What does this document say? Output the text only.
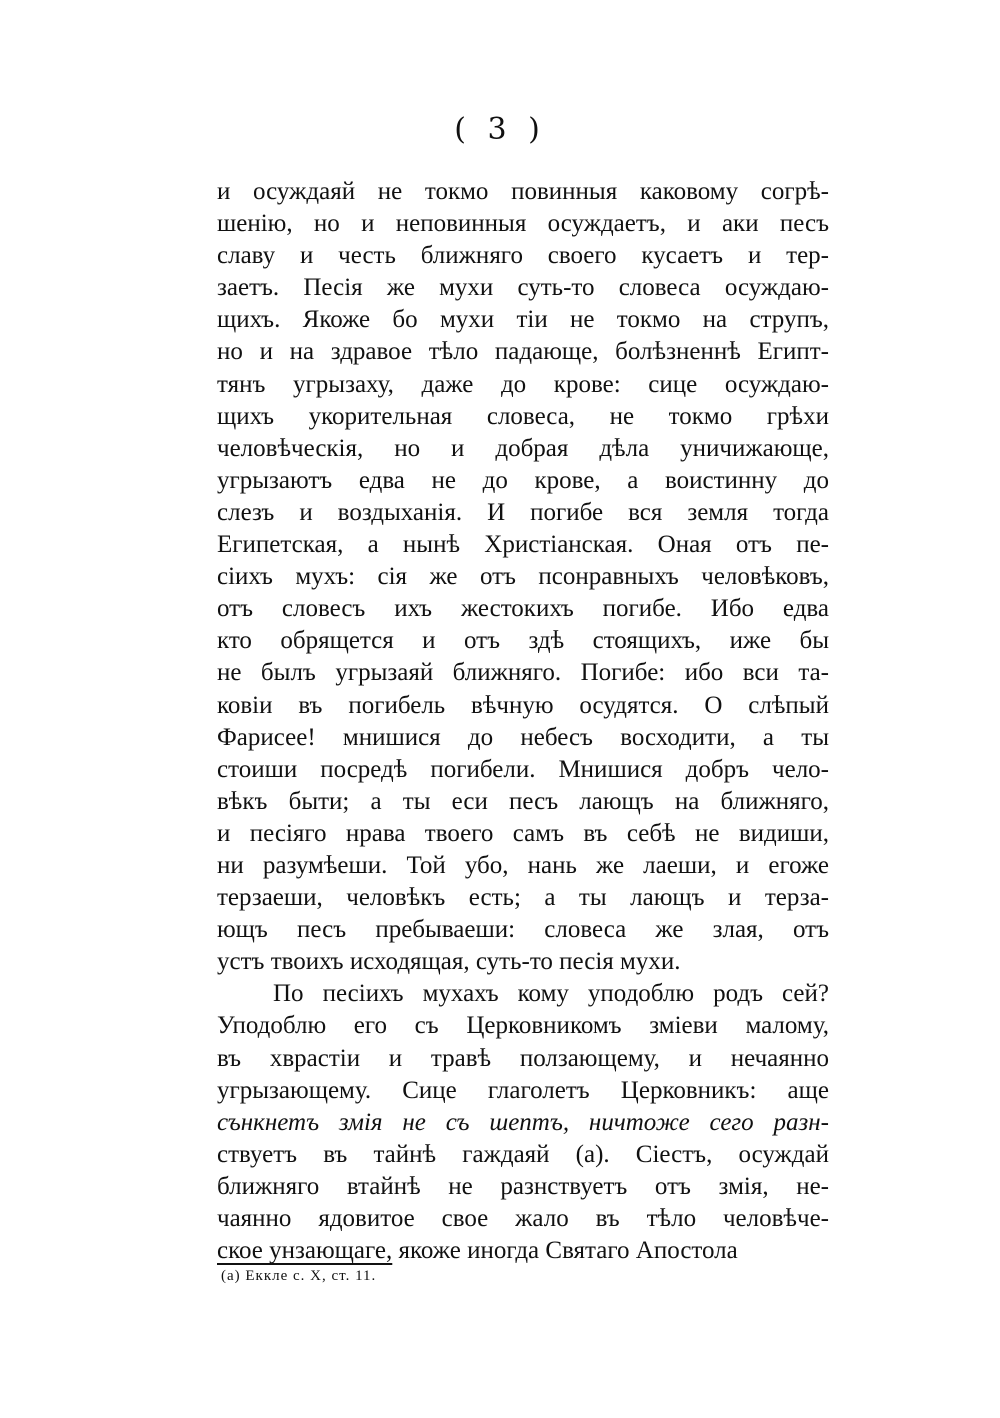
( 3 )
и осуждаяй не токмо повинныя каковому согрѣ-
шенію, но и неповинныя осуждаетъ, и аки песъ
славу и честь ближняго своего кусаетъ и тер-
заетъ. Песія же мухи суть-то словеса осуждаю-
щихъ. Якоже бо мухи тіи не токмо на струпъ,
но и на здравое тѣло падающе, болѣзненнѣ Египт-
тянъ угрызаху, даже до крове: сице осуждаю-
щихъ укорительная словеса, не токмо грѣхи
человѣческія, но и добрая дѣла уничижающе,
угрызаютъ едва не до крове, а воистинну до
слезъ и воздыханія. И погибе вся земля тогда
Египетская, а нынѣ Христіанская. Оная отъ пе-
сіихъ мухъ: сія же отъ псонравныхъ человѣковъ,
отъ словесъ ихъ жестокихъ погибе. Ибо едва
кто обрящется и отъ здѣ стоящихъ, иже бы
не былъ угрызаяй ближняго. Погибе: ибо вси та-
ковіи въ погибель вѣчную осудятся. О слѣпый
Фарисее! мнишися до небесъ восходити, а ты
стоиши посредѣ погибели. Мнишися добръ чело-
вѣкъ быти; а ты еси песъ лающъ на ближняго,
и песіяго нрава твоего самъ въ себѣ не видиши,
ни разумѣеши. Той убо, нань же лаеши, и егоже
терзаеши, человѣкъ есть; а ты лающъ и терза-
ющъ песъ пребываеши: словеса же злая, отъ
устъ твоихъ исходящая, суть-то песія мухи.
По песіихъ мухахъ кому уподоблю родъ сей?
Уподоблю его съ Церковникомъ зміеви малому,
въ хврастіи и травѣ ползающему, и нечаянно
угрызающему. Сице глаголетъ Церковникъ: аще
сънкнетъ змія не съ шептъ, ничтоже сего разн-
ствуетъ въ тайнѣ гаждаяй (а). Сіестъ, осуждай
ближняго втайнѣ не разнствуетъ отъ змія, не-
чаянно ядовитое свое жало въ тѣло человѣче-
ское унзающаге, якоже иногда Святаго Апостола
(а) Еккле с. Х, ст. 11.
